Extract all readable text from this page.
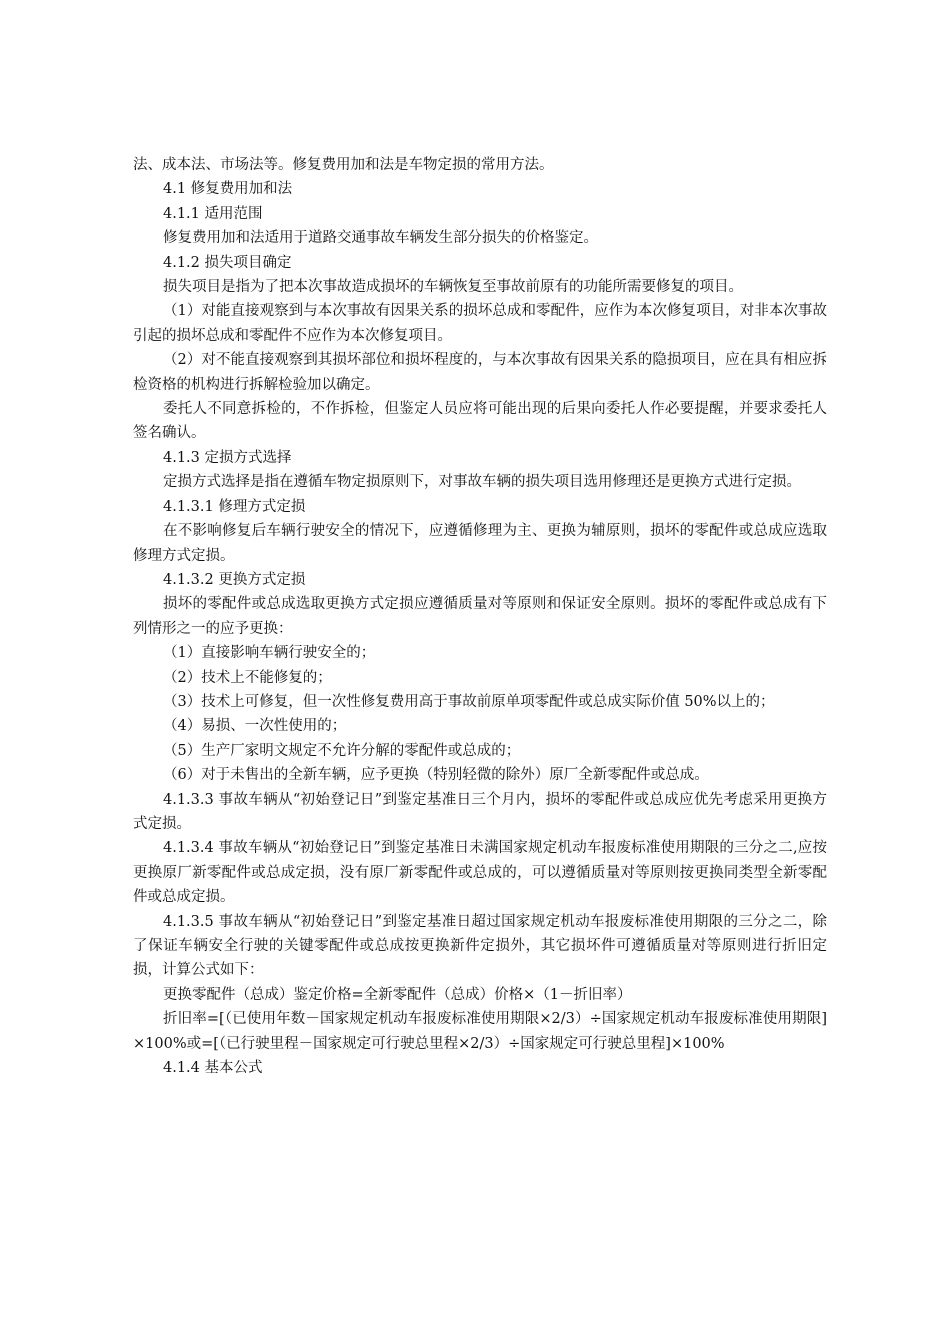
法、成本法、市场法等。修复费用加和法是车物定损的常用方法。

4.1 修复费用加和法

4.1.1 适用范围

修复费用加和法适用于道路交通事故车辆发生部分损失的价格鉴定。

4.1.2 损失项目确定

损失项目是指为了把本次事故造成损坏的车辆恢复至事故前原有的功能所需要修复的项目。

（1）对能直接观察到与本次事故有因果关系的损坏总成和零配件，应作为本次修复项目，对非本次事故引起的损坏总成和零配件不应作为本次修复项目。

（2）对不能直接观察到其损坏部位和损坏程度的，与本次事故有因果关系的隐损项目，应在具有相应拆检资格的机构进行拆解检验加以确定。

委托人不同意拆检的，不作拆检，但鉴定人员应将可能出现的后果向委托人作必要提醒，并要求委托人签名确认。

4.1.3 定损方式选择

定损方式选择是指在遵循车物定损原则下，对事故车辆的损失项目选用修理还是更换方式进行定损。

4.1.3.1 修理方式定损

在不影响修复后车辆行驶安全的情况下，应遵循修理为主、更换为辅原则，损坏的零配件或总成应选取修理方式定损。

4.1.3.2 更换方式定损

损坏的零配件或总成选取更换方式定损应遵循质量对等原则和保证安全原则。损坏的零配件或总成有下列情形之一的应予更换：

（1）直接影响车辆行驶安全的；

（2）技术上不能修复的；

（3）技术上可修复，但一次性修复费用高于事故前原单项零配件或总成实际价值 50%以上的；

（4）易损、一次性使用的；

（5）生产厂家明文规定不允许分解的零配件或总成的；

（6）对于未售出的全新车辆，应予更换（特别轻微的除外）原厂全新零配件或总成。

4.1.3.3 事故车辆从“初始登记日”到鉴定基准日三个月内，损坏的零配件或总成应优先考虑采用更换方式定损。

4.1.3.4 事故车辆从“初始登记日”到鉴定基准日未满国家规定机动车报废标准使用期限的三分之二,应按更换原厂新零配件或总成定损，没有原厂新零配件或总成的，可以遵循质量对等原则按更换同类型全新零配件或总成定损。

4.1.3.5 事故车辆从“初始登记日”到鉴定基准日超过国家规定机动车报废标准使用期限的三分之二，除了保证车辆安全行驶的关键零配件或总成按更换新件定损外，其它损坏件可遵循质量对等原则进行折旧定损，计算公式如下：

更换零配件（总成）鉴定价格=全新零配件（总成）价格×（1－折旧率）

折旧率=[（已使用年数－国家规定机动车报废标准使用期限×2/3）÷国家规定机动车报废标准使用期限]×100%或=[（已行驶里程－国家规定可行驶总里程×2/3）÷国家规定可行驶总里程]×100%

4.1.4 基本公式
